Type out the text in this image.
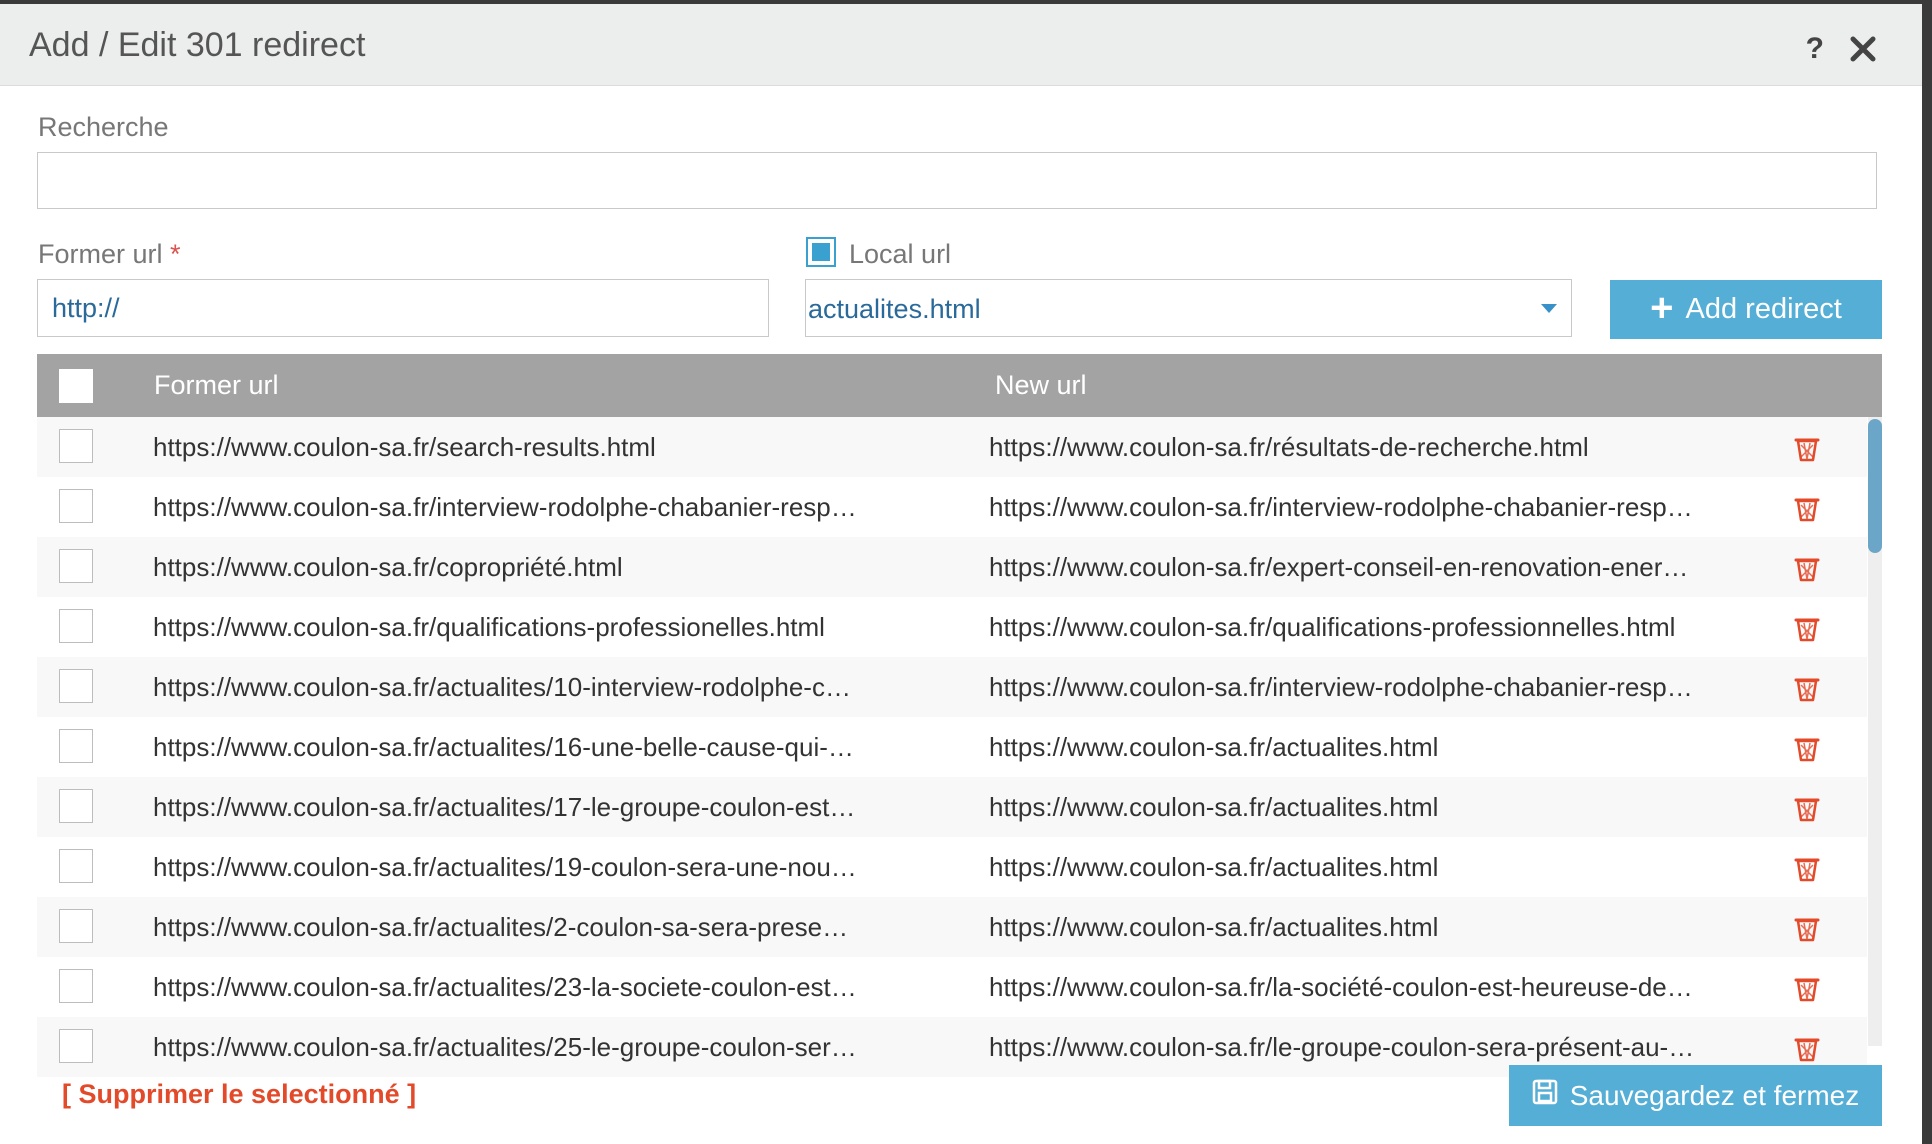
Add / Edit 301 redirect	?
Recherche
Former url *
http://	Local url
actualites.html	+ Add redirect
Former url	New url
https://www.coulon-sa.fr/search-results.html	https://www.coulon-sa.fr/résultats-de-recherche.html
https://www.coulon-sa.fr/interview-rodolphe-chabanier-resp…	https://www.coulon-sa.fr/interview-rodolphe-chabanier-resp…
https://www.coulon-sa.fr/copropriété.html	https://www.coulon-sa.fr/expert-conseil-en-renovation-ener…
https://www.coulon-sa.fr/qualifications-professionelles.html	https://www.coulon-sa.fr/qualifications-professionnelles.html
https://www.coulon-sa.fr/actualites/10-interview-rodolphe-c…	https://www.coulon-sa.fr/interview-rodolphe-chabanier-resp…
https://www.coulon-sa.fr/actualites/16-une-belle-cause-qui-…	https://www.coulon-sa.fr/actualites.html
https://www.coulon-sa.fr/actualites/17-le-groupe-coulon-est…	https://www.coulon-sa.fr/actualites.html
https://www.coulon-sa.fr/actualites/19-coulon-sera-une-nou…	https://www.coulon-sa.fr/actualites.html
https://www.coulon-sa.fr/actualites/2-coulon-sa-sera-prese…	https://www.coulon-sa.fr/actualites.html
https://www.coulon-sa.fr/actualites/23-la-societe-coulon-est…	https://www.coulon-sa.fr/la-société-coulon-est-heureuse-de…
https://www.coulon-sa.fr/actualites/25-le-groupe-coulon-ser…	https://www.coulon-sa.fr/le-groupe-coulon-sera-présent-au-…
[ Supprimer le selectionné ]	Sauvegardez et fermez
